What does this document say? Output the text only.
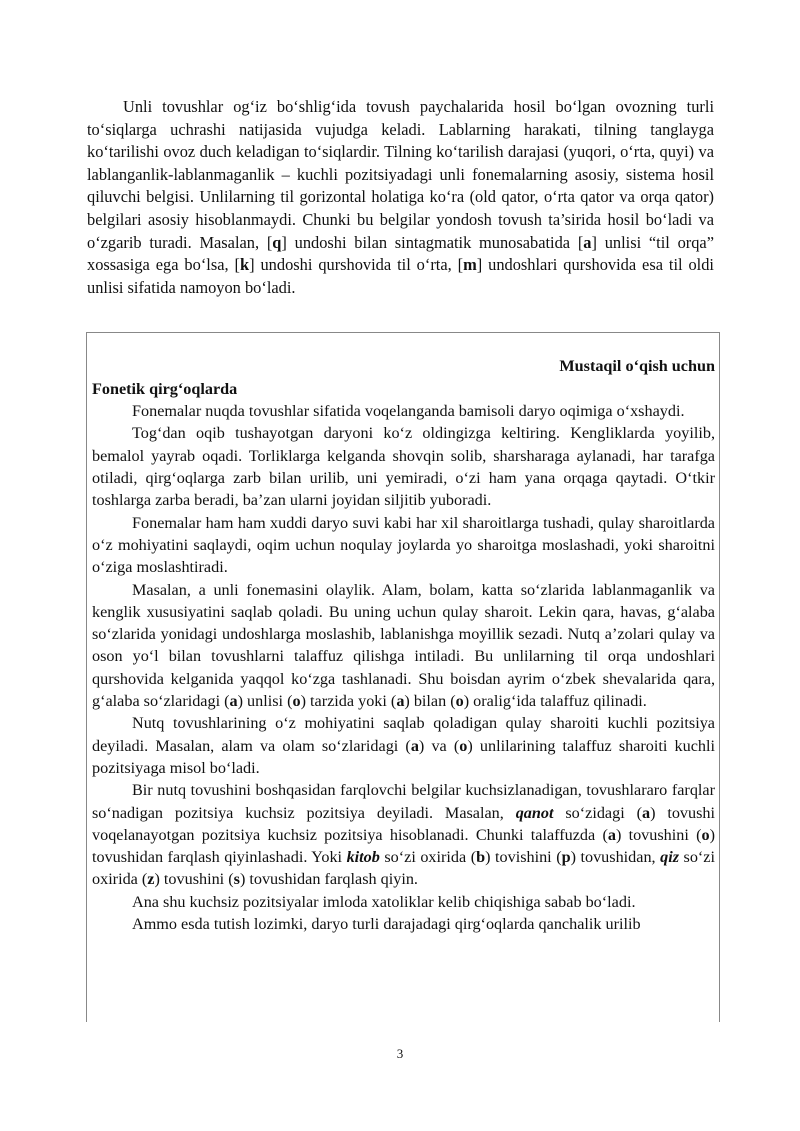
Unli tovushlar og‘iz bo‘shlig‘ida tovush paychalarida hosil bo‘lgan ovozning turli to‘siqlarga uchrashi natijasida vujudga keladi. Lablarning harakati, tilning tanglayga ko‘tarilishi ovoz duch keladigan to‘siqlardir. Tilning ko‘tarilish darajasi (yuqori, o‘rta, quyi) va lablanganlik-lablanmaganlik – kuchli pozitsiyadagi unli fonemalarning asosiy, sistema hosil qiluvchi belgisi. Unlilarning til gorizontal holatiga ko‘ra (old qator, o‘rta qator va orqa qator) belgilari asosiy hisoblanmaydi. Chunki bu belgilar yondosh tovush ta’sirida hosil bo‘ladi va o‘zgarib turadi. Masalan, [q] undoshi bilan sintagmatik munosabatida [a] unlisi “til orqa” xossasiga ega bo‘lsa, [k] undoshi qurshovida til o‘rta, [m] undoshlari qurshovida esa til oldi unlisi sifatida namoyon bo‘ladi.

Mustaqil o‘qish uchun

Fonetik qirg‘oqlarda

Fonemalar nuqda tovushlar sifatida voqelanganda bamisoli daryo oqimiga o‘xshaydi.

Tog‘dan oqib tushayotgan daryoni ko‘z oldingizga keltiring. Kengliklarda yoyilib, bemalol yayrab oqadi. Torliklarga kelganda shovqin solib, sharsharaga aylanadi, har tarafga otiladi, qirg‘oqlarga zarb bilan urilib, uni yemiradi, o‘zi ham yana orqaga qaytadi. O‘tkir toshlarga zarba beradi, ba’zan ularni joyidan siljitib yuboradi.

Fonemalar ham ham xuddi daryo suvi kabi har xil sharoitlarga tushadi, qulay sharoitlarda o‘z mohiyatini saqlaydi, oqim uchun noqulay joylarda yo sharoitga moslashadi, yoki sharoitni o‘ziga moslashtiradi.

Masalan, a unli fonemasini olaylik. Alam, bolam, katta so‘zlarida lablanmaganlik va kenglik xususiyatini saqlab qoladi. Bu uning uchun qulay sharoit. Lekin qara, havas, g‘alaba so‘zlarida yonidagi undoshlarga moslashib, lablanishga moyillik sezadi. Nutq a’zolari qulay va oson yo‘l bilan tovushlarni talaffuz qilishga intiladi. Bu unlilarning til orqa undoshlari qurshovida kelganida yaqqol ko‘zga tashlanadi. Shu boisdan ayrim o‘zbek shevalarida qara, g‘alaba so‘zlaridagi (a) unlisi (o) tarzida yoki (a) bilan (o) oralig‘ida talaffuz qilinadi.

Nutq tovushlarining o‘z mohiyatini saqlab qoladigan qulay sharoiti kuchli pozitsiya deyiladi. Masalan, alam va olam so‘zlaridagi (a) va (o) unlilarining talaffuz sharoiti kuchli pozitsiyaga misol bo‘ladi.

Bir nutq tovushini boshqasidan farqlovchi belgilar kuchsizlanadigan, tovushlararo farqlar so‘nadigan pozitsiya kuchsiz pozitsiya deyiladi. Masalan, qanot so‘zidagi (a) tovushi voqelanayotgan pozitsiya kuchsiz pozitsiya hisoblanadi. Chunki talaffuzda (a) tovushini (o) tovushidan farqlash qiyinlashadi. Yoki kitob so‘zi oxirida (b) tovishini (p) tovushidan, qiz so‘zi oxirida (z) tovushini (s) tovushidan farqlash qiyin.

Ana shu kuchsiz pozitsiyalar imloda xatoliklar kelib chiqishiga sabab bo‘ladi.

Ammo esda tutish lozimki, daryo turli darajadagi qirg‘oqlarda qanchalik urilib

3
